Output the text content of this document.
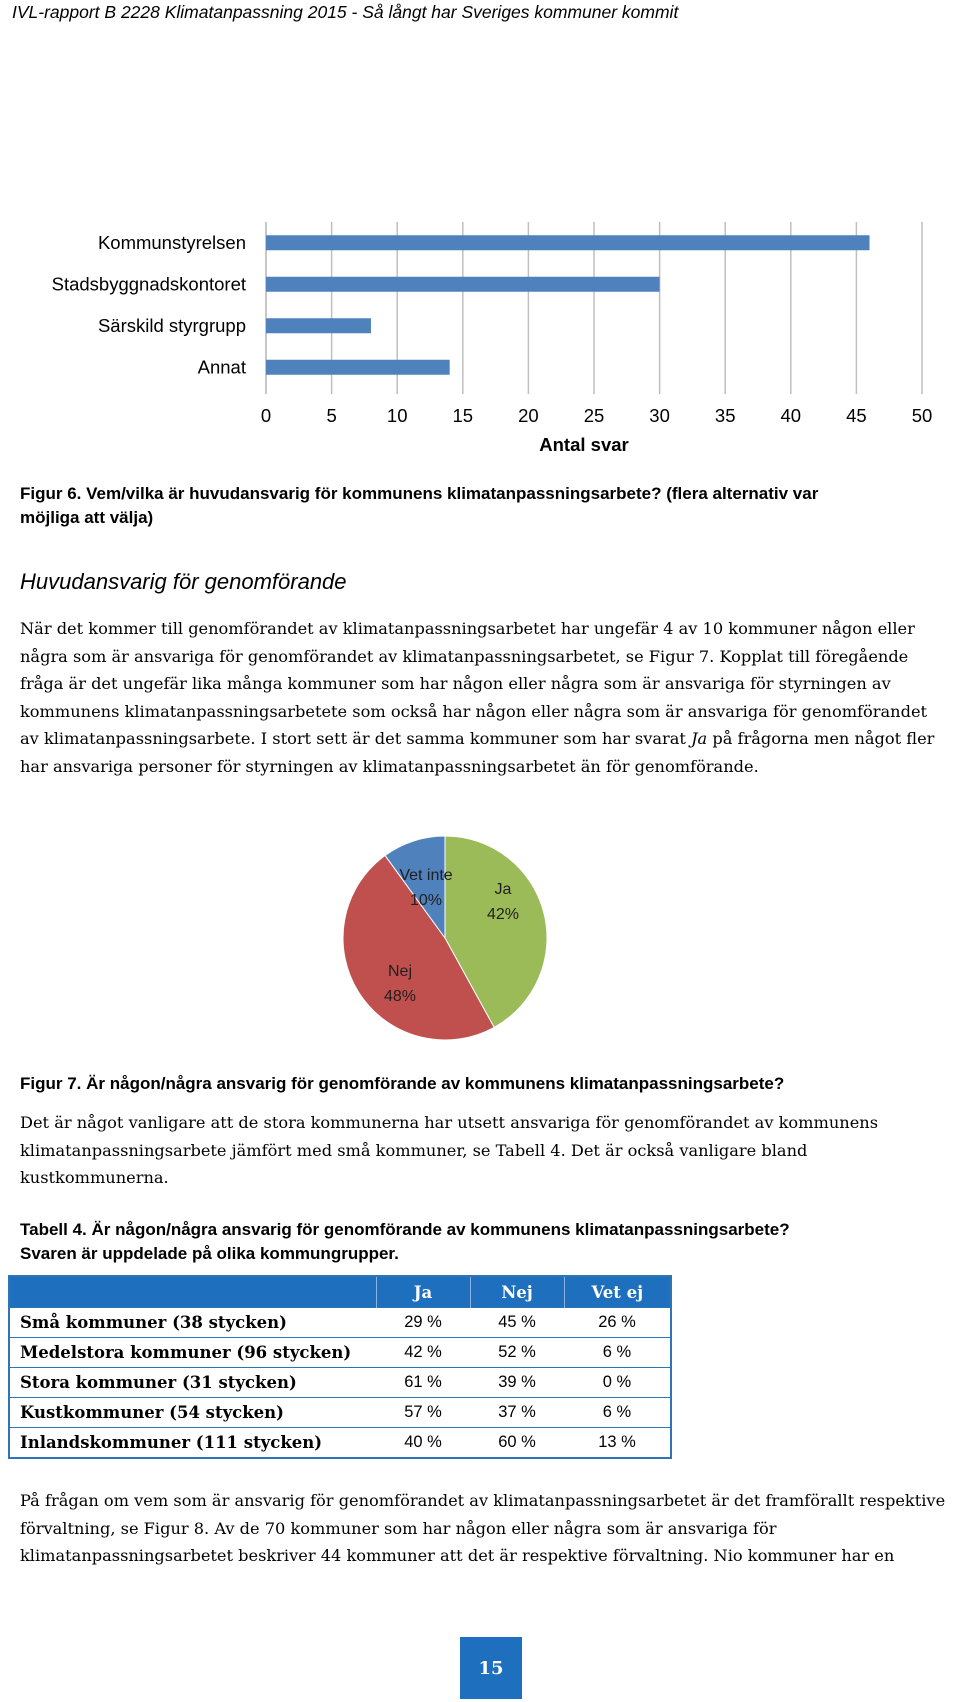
IVL-rapport B 2228 Klimatanpassning 2015 - Så långt har Sveriges kommuner kommit
0	5	10 15 20 25 30 35 40 45 50
Kommunstyrelsen
Stadsbyggnadskontoret
Särskild styrgrupp
Annat
Antal svar
Figur 6. Vem/vilka är huvudansvarig för kommunens klimatanpassningsarbete? (flera alternativ var
möjliga att välja)
Huvudansvarig för genomförande

När det kommer till genomförandet av klimatanpassningsarbetet har ungefär 4 av 10 kommuner någon eller några som är ansvariga för genomförandet av klimatanpassningsarbetet, se Figur 7. Kopplat till föregående fråga är det ungefär lika många kommuner som har någon eller några som är ansvariga för styrningen av kommunens klimatanpassningsarbetete som också har någon eller några som är ansvariga för genomförandet av klimatanpassningsarbete. I stort sett är det samma kommuner som har svarat Ja på frågorna men något fler har ansvariga personer för styrningen av klimatanpassningsarbetet än för genomförande.

Ja
42%
Nej
48%
Vet inte
10%
Figur 7. Är någon/några ansvarig för genomförande av kommunens klimatanpassningsarbete?

Det är något vanligare att de stora kommunerna har utsett ansvariga för genomförandet av kommunens klimatanpassningsarbete jämfört med små kommuner, se Tabell 4. Det är också vanligare bland kustkommunerna.

Tabell 4. Är någon/några ansvarig för genomförande av kommunens klimatanpassningsarbete?
Svaren är uppdelade på olika kommungrupper.
	Ja	Nej	Vet ej
Små kommuner (38 stycken)	29 %	45 %	26 %
Medelstora kommuner (96 stycken)	42 %	52 %	6 %
Stora kommuner (31 stycken)	61 %	39 %	0 %
Kustkommuner (54 stycken)	57 %	37 %	6 %
Inlandskommuner (111 stycken)	40 %	60 %	13 %

På frågan om vem som är ansvarig för genomförandet av klimatanpassningsarbetet är det framförallt respektive förvaltning, se Figur 8. Av de 70 kommuner som har någon eller några som är ansvariga för klimatanpassningsarbetet beskriver 44 kommuner att det är respektive förvaltning. Nio kommuner har en

15
